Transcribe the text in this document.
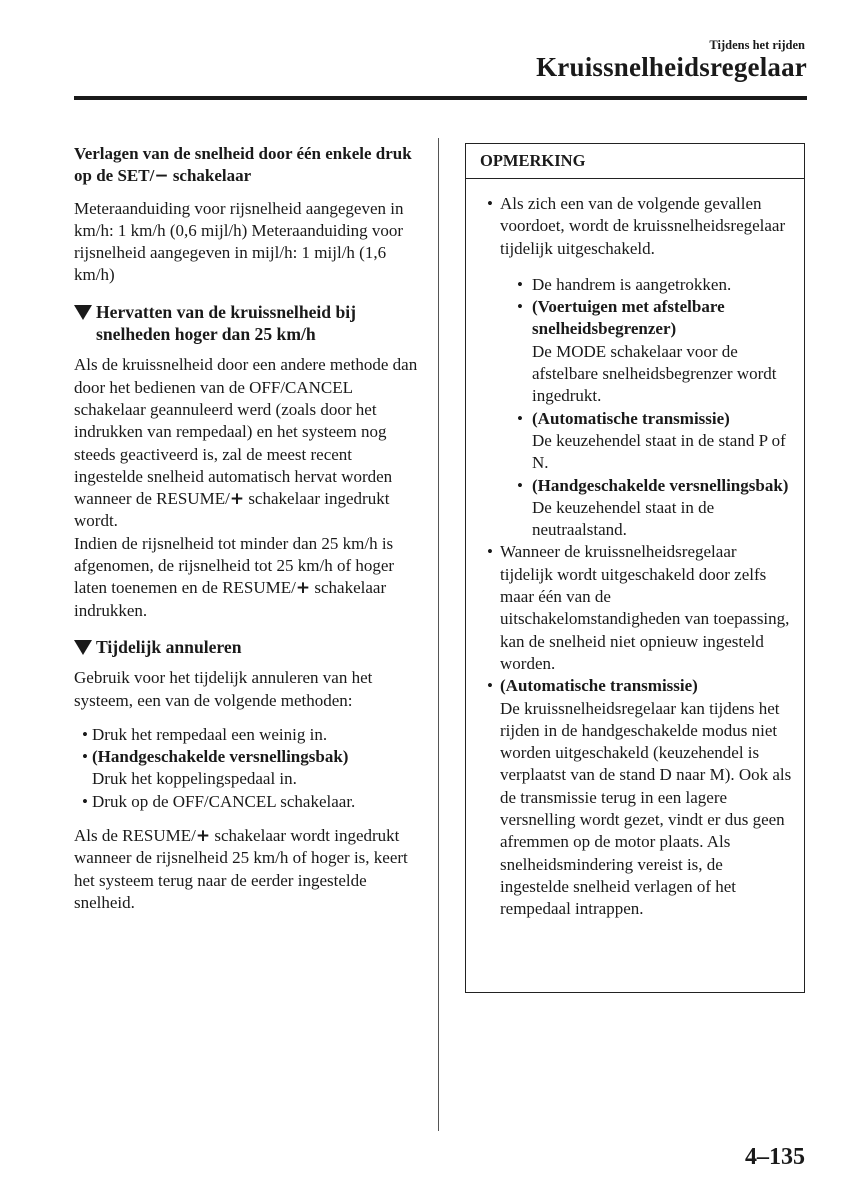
Tijdens het rijden
Kruissnelheidsregelaar

Verlagen van de snelheid door één enkele druk op de SET/− schakelaar

Meteraanduiding voor rijsnelheid aangegeven in km/h: 1 km/h (0,6 mijl/h) Meteraanduiding voor rijsnelheid aangegeven in mijl/h: 1 mijl/h (1,6 km/h)

Hervatten van de kruissnelheid bij snelheden hoger dan 25 km/h

Als de kruissnelheid door een andere methode dan door het bedienen van de OFF/CANCEL schakelaar geannuleerd werd (zoals door het indrukken van rempedaal) en het systeem nog steeds geactiveerd is, zal de meest recent ingestelde snelheid automatisch hervat worden wanneer de RESUME/+ schakelaar ingedrukt wordt.

Indien de rijsnelheid tot minder dan 25 km/h is afgenomen, de rijsnelheid tot 25 km/h of hoger laten toenemen en de RESUME/+ schakelaar indrukken.

Tijdelijk annuleren

Gebruik voor het tijdelijk annuleren van het systeem, een van de volgende methoden:

• Druk het rempedaal een weinig in.
• (Handgeschakelde versnellingsbak)
Druk het koppelingspedaal in.
• Druk op de OFF/CANCEL schakelaar.

Als de RESUME/+ schakelaar wordt ingedrukt wanneer de rijsnelheid 25 km/h of hoger is, keert het systeem terug naar de eerder ingestelde snelheid.

OPMERKING
• Als zich een van de volgende gevallen voordoet, wordt de kruissnelheidsregelaar tijdelijk uitgeschakeld.
• De handrem is aangetrokken.
• (Voertuigen met afstelbare snelheidsbegrenzer)
De MODE schakelaar voor de afstelbare snelheidsbegrenzer wordt ingedrukt.
• (Automatische transmissie)
De keuzehendel staat in de stand P of N.
• (Handgeschakelde versnellingsbak)
De keuzehendel staat in de neutraalstand.
• Wanneer de kruissnelheidsregelaar tijdelijk wordt uitgeschakeld door zelfs maar één van de uitschakelomstandigheden van toepassing, kan de snelheid niet opnieuw ingesteld worden.
• (Automatische transmissie)
De kruissnelheidsregelaar kan tijdens het rijden in de handgeschakelde modus niet worden uitgeschakeld (keuzehendel is verplaatst van de stand D naar M). Ook als de transmissie terug in een lagere versnelling wordt gezet, vindt er dus geen afremmen op de motor plaats. Als snelheidsmindering vereist is, de ingestelde snelheid verlagen of het rempedaal intrappen.
4–135
